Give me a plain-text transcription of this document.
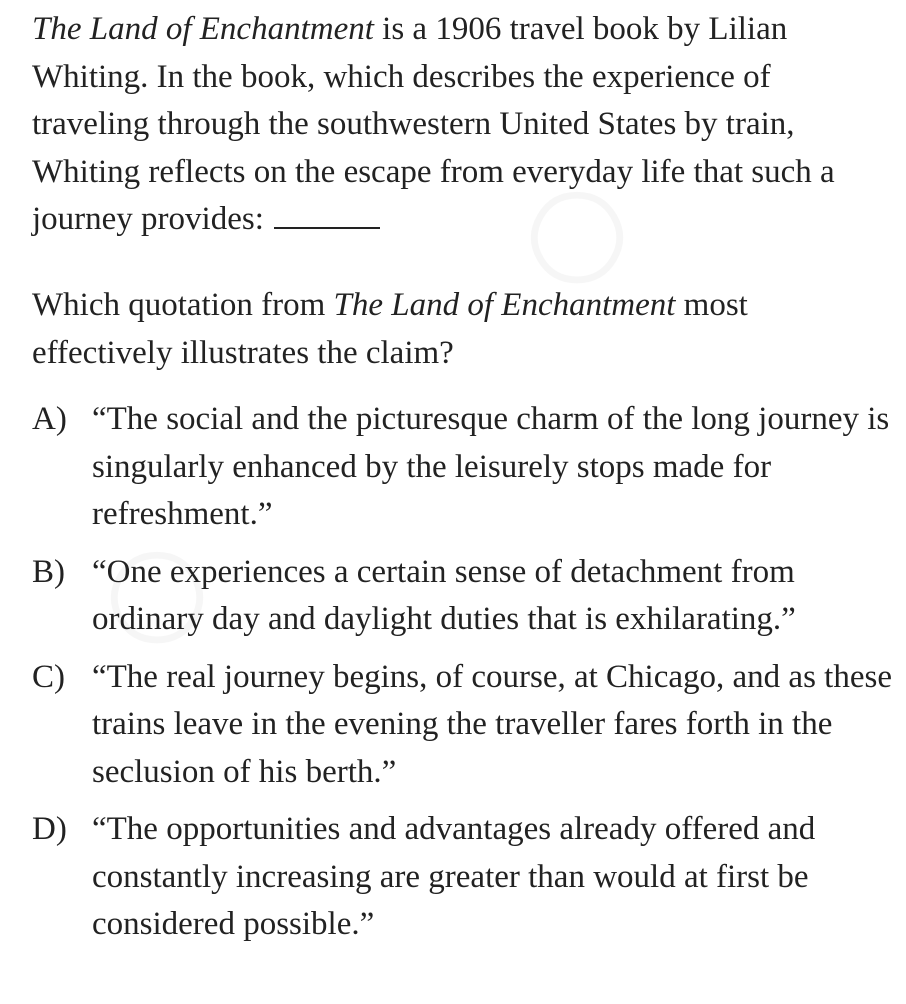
The Land of Enchantment is a 1906 travel book by Lilian Whiting. In the book, which describes the experience of traveling through the southwestern United States by train, Whiting reflects on the escape from everyday life that such a journey provides:

Which quotation from The Land of Enchantment most effectively illustrates the claim?

A) “The social and the picturesque charm of the long journey is singularly enhanced by the leisurely stops made for refreshment.”
B) “One experiences a certain sense of detachment from ordinary day and daylight duties that is exhilarating.”
C) “The real journey begins, of course, at Chicago, and as these trains leave in the evening the traveller fares forth in the seclusion of his berth.”
D) “The opportunities and advantages already offered and constantly increasing are greater than would at first be considered possible.”
